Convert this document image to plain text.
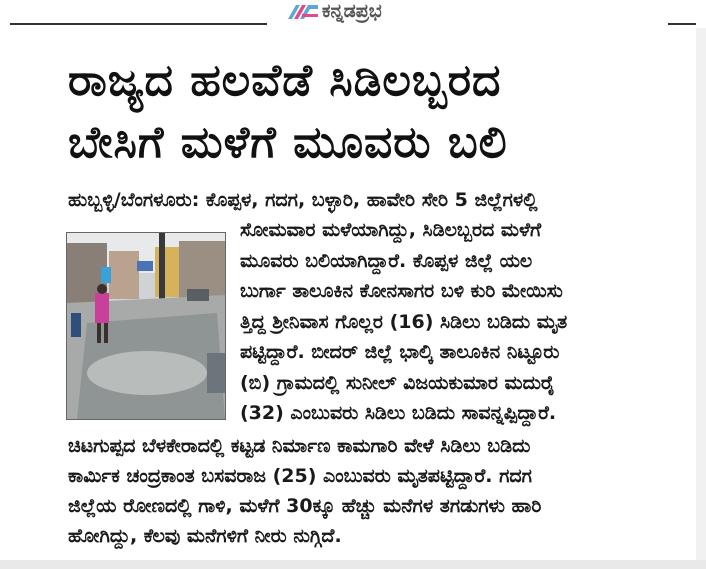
ಕನ್ನಡಪ್ರಭ
ರಾಜ್ಯದ ಹಲವೆಡೆ ಸಿಡಿಲಬ್ಬರದ
ಬೇಸಿಗೆ ಮಳೆಗೆ ಮೂವರು ಬಲಿ
ಹುಬ್ಬಳ್ಳಿ/ಬೆಂಗಳೂರು: ಕೊಪ್ಪಳ, ಗದಗ, ಬಳ್ಳಾರಿ, ಹಾವೇರಿ ಸೇರಿ 5 ಜಿಲ್ಲೆಗಳಲ್ಲಿ
ಸೋಮವಾರ ಮಳೆಯಾಗಿದ್ದು, ಸಿಡಿಲಬ್ಬರದ ಮಳೆಗೆ
ಮೂವರು ಬಲಿಯಾಗಿದ್ದಾರೆ. ಕೊಪ್ಪಳ ಜಿಲ್ಲೆ ಯಲ
ಬುರ್ಗಾ ತಾಲೂಕಿನ ಕೋನಸಾಗರ ಬಳಿ ಕುರಿ ಮೇಯಿಸು
ತ್ತಿದ್ದ ಶ್ರೀನಿವಾಸ ಗೊಲ್ಲರ (16) ಸಿಡಿಲು ಬಡಿದು ಮೃತ
ಪಟ್ಟಿದ್ದಾರೆ. ಬೀದರ್ ಜಿಲ್ಲೆ ಭಾಲ್ಕಿ ತಾಲೂಕಿನ ನಿಟ್ಟೂರು
(ಬಿ) ಗ್ರಾಮದಲ್ಲಿ ಸುನೀಲ್ ವಿಜಯಕುಮಾರ ಮದುರೈ
(32) ಎಂಬುವರು ಸಿಡಿಲು ಬಡಿದು ಸಾವನ್ನಪ್ಪಿದ್ದಾರೆ.
ಚಿಟಗುಪ್ಪದ ಬೆಳಕೇರಾದಲ್ಲಿ ಕಟ್ಟಡ ನಿರ್ಮಾಣ ಕಾಮಗಾರಿ ವೇಳೆ ಸಿಡಿಲು ಬಡಿದು
ಕಾರ್ಮಿಕ ಚಂದ್ರಕಾಂತ ಬಸವರಾಜ (25) ಎಂಬುವರು ಮೃತಪಟ್ಟಿದ್ದಾರೆ. ಗದಗ
ಜಿಲ್ಲೆಯ ರೋಣದಲ್ಲಿ ಗಾಳಿ, ಮಳೆಗೆ 30ಕ್ಕೂ ಹೆಚ್ಚು ಮನೆಗಳ ತಗಡುಗಳು ಹಾರಿ
ಹೋಗಿದ್ದು, ಕೆಲವು ಮನೆಗಳಿಗೆ ನೀರು ನುಗ್ಗಿದೆ.
